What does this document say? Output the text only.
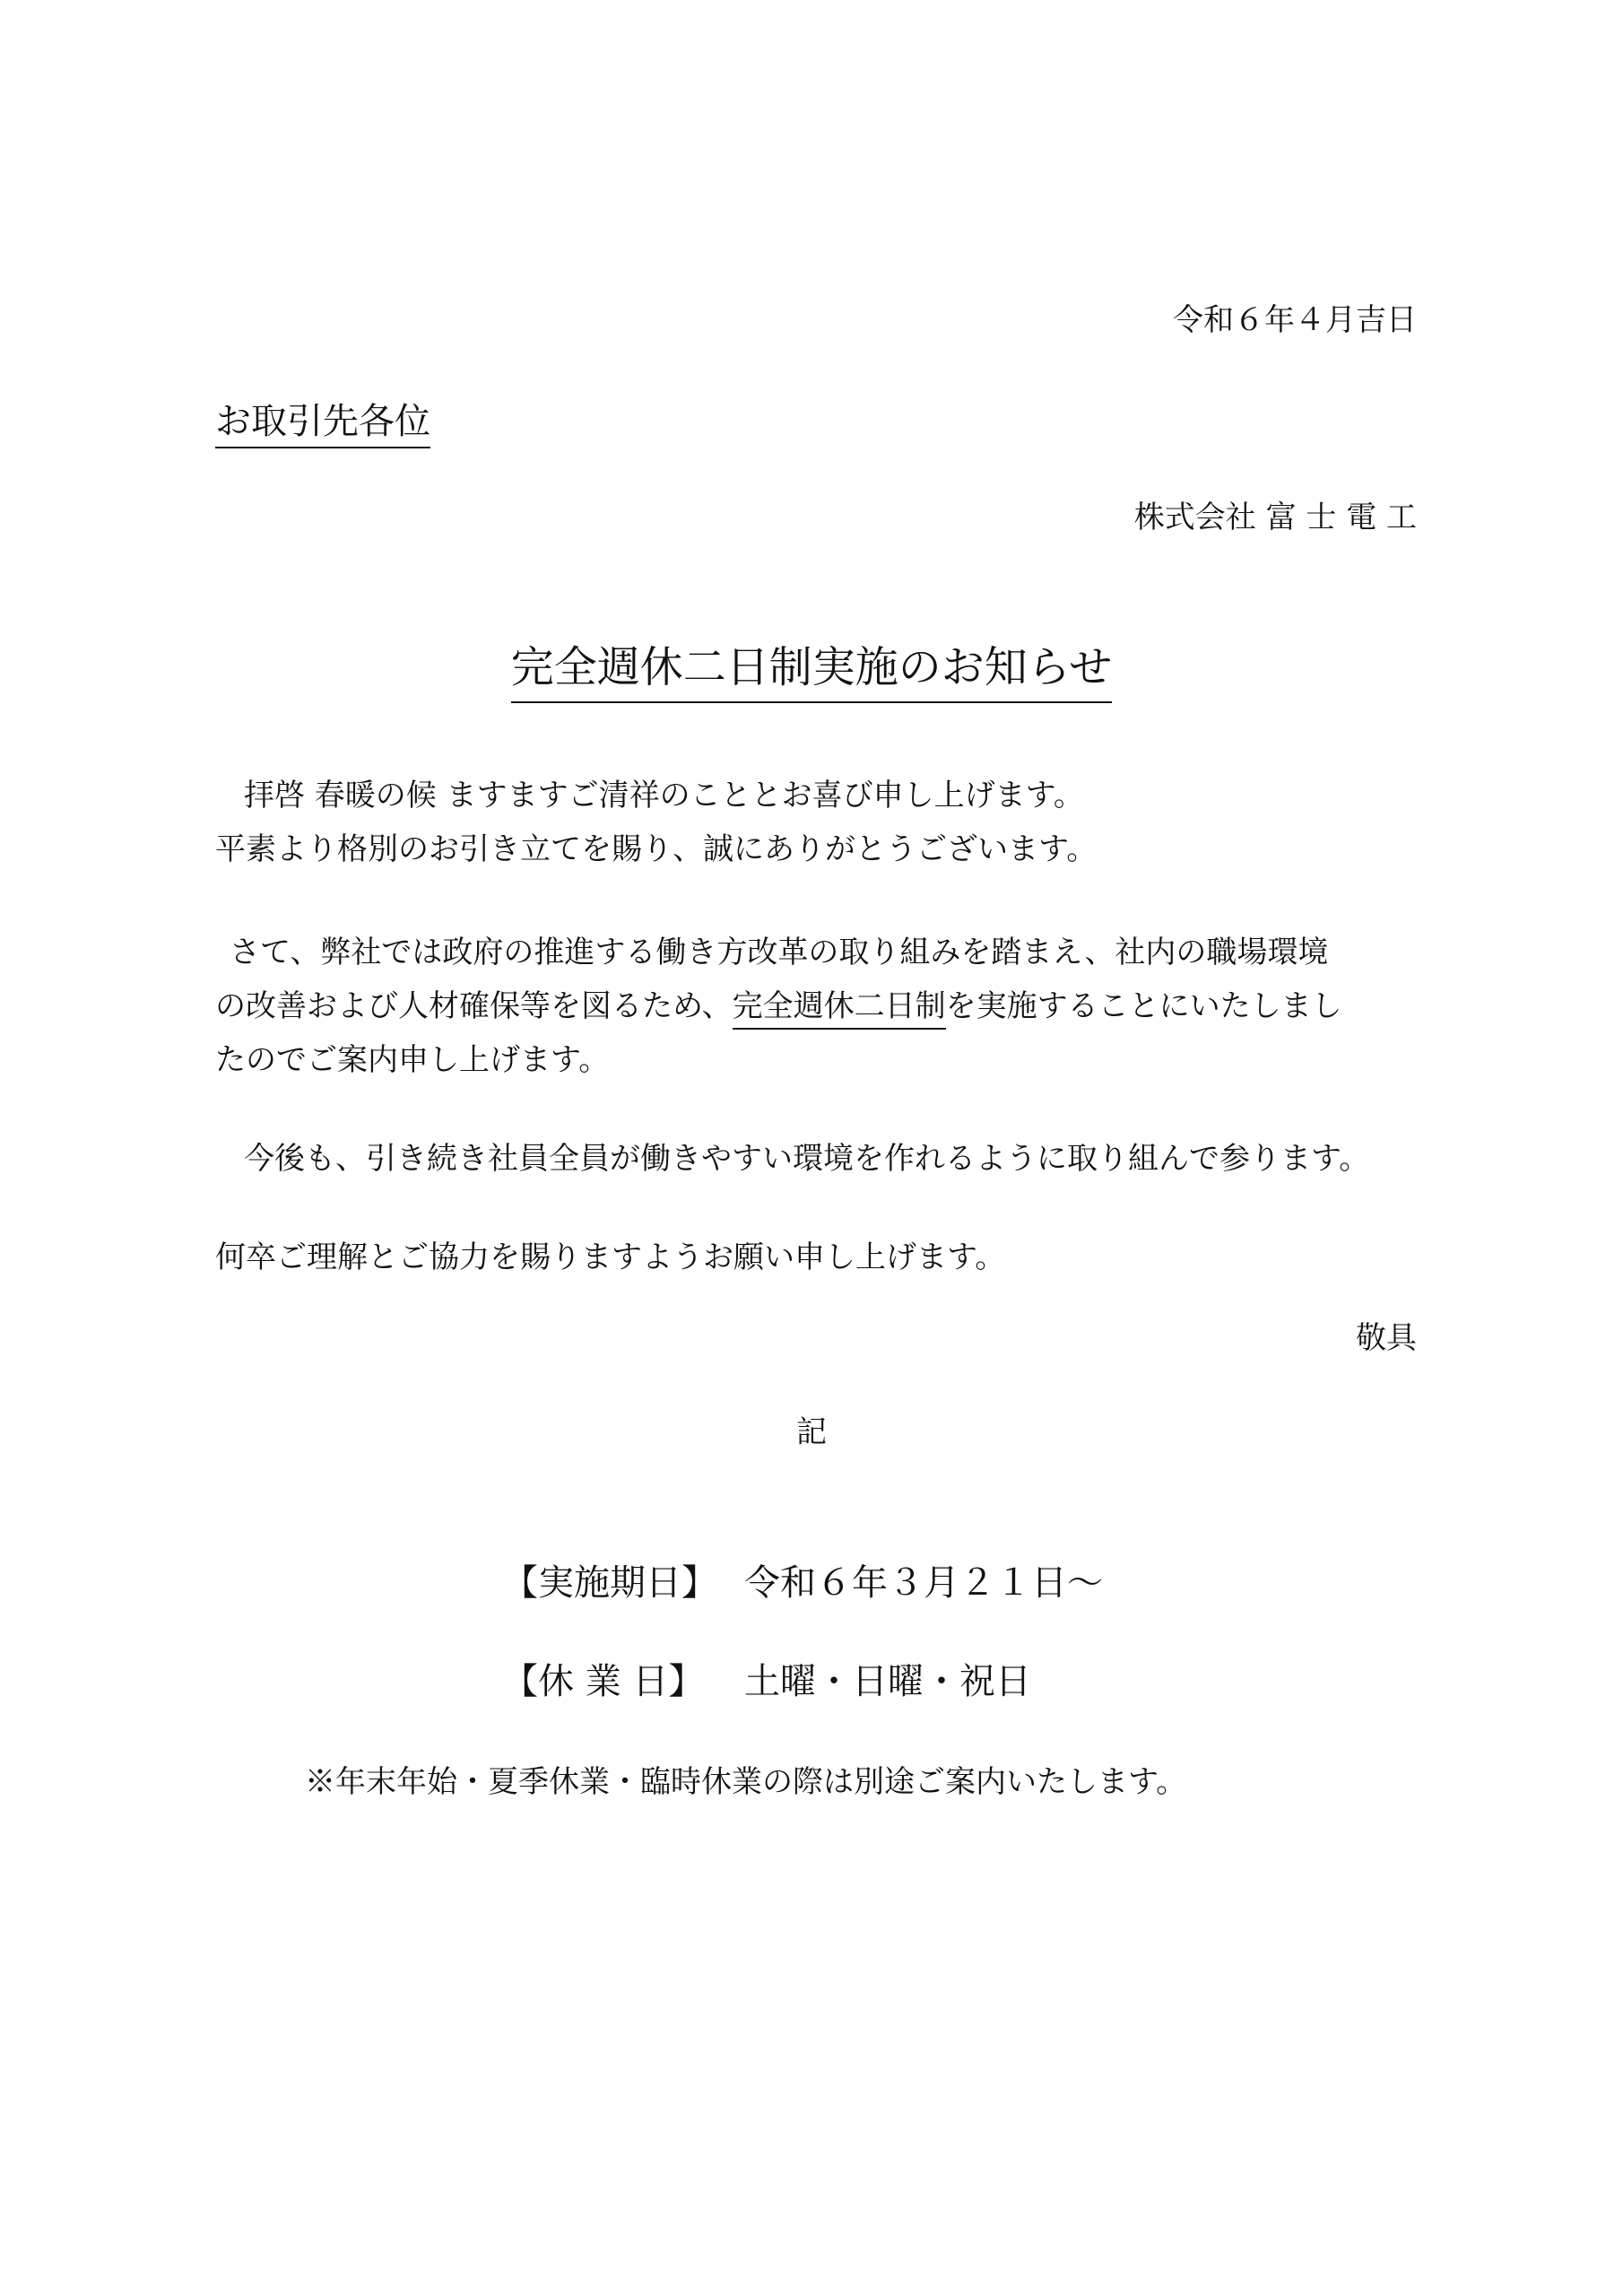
令和６年４月吉日
お取引先各位
株式会社 富 士 電 工
完全週休二日制実施のお知らせ
拝啓 春暖の候 ますますご清祥のこととお喜び申し上げます。
平素より格別のお引き立てを賜り、誠にありがとうございます。
さて、弊社では政府の推進する働き方改革の取り組みを踏まえ、社内の職場環境
の改善および人材確保等を図るため、完全週休二日制を実施することにいたしまし
たのでご案内申し上げます。
今後も、引き続き社員全員が働きやすい環境を作れるように取り組んで参ります。
何卒ご理解とご協力を賜りますようお願い申し上げます。
敬具
記
【実施期日】 令和６年３月２１日～
【休 業 日】 土曜・日曜・祝日
※年末年始・夏季休業・臨時休業の際は別途ご案内いたします。
